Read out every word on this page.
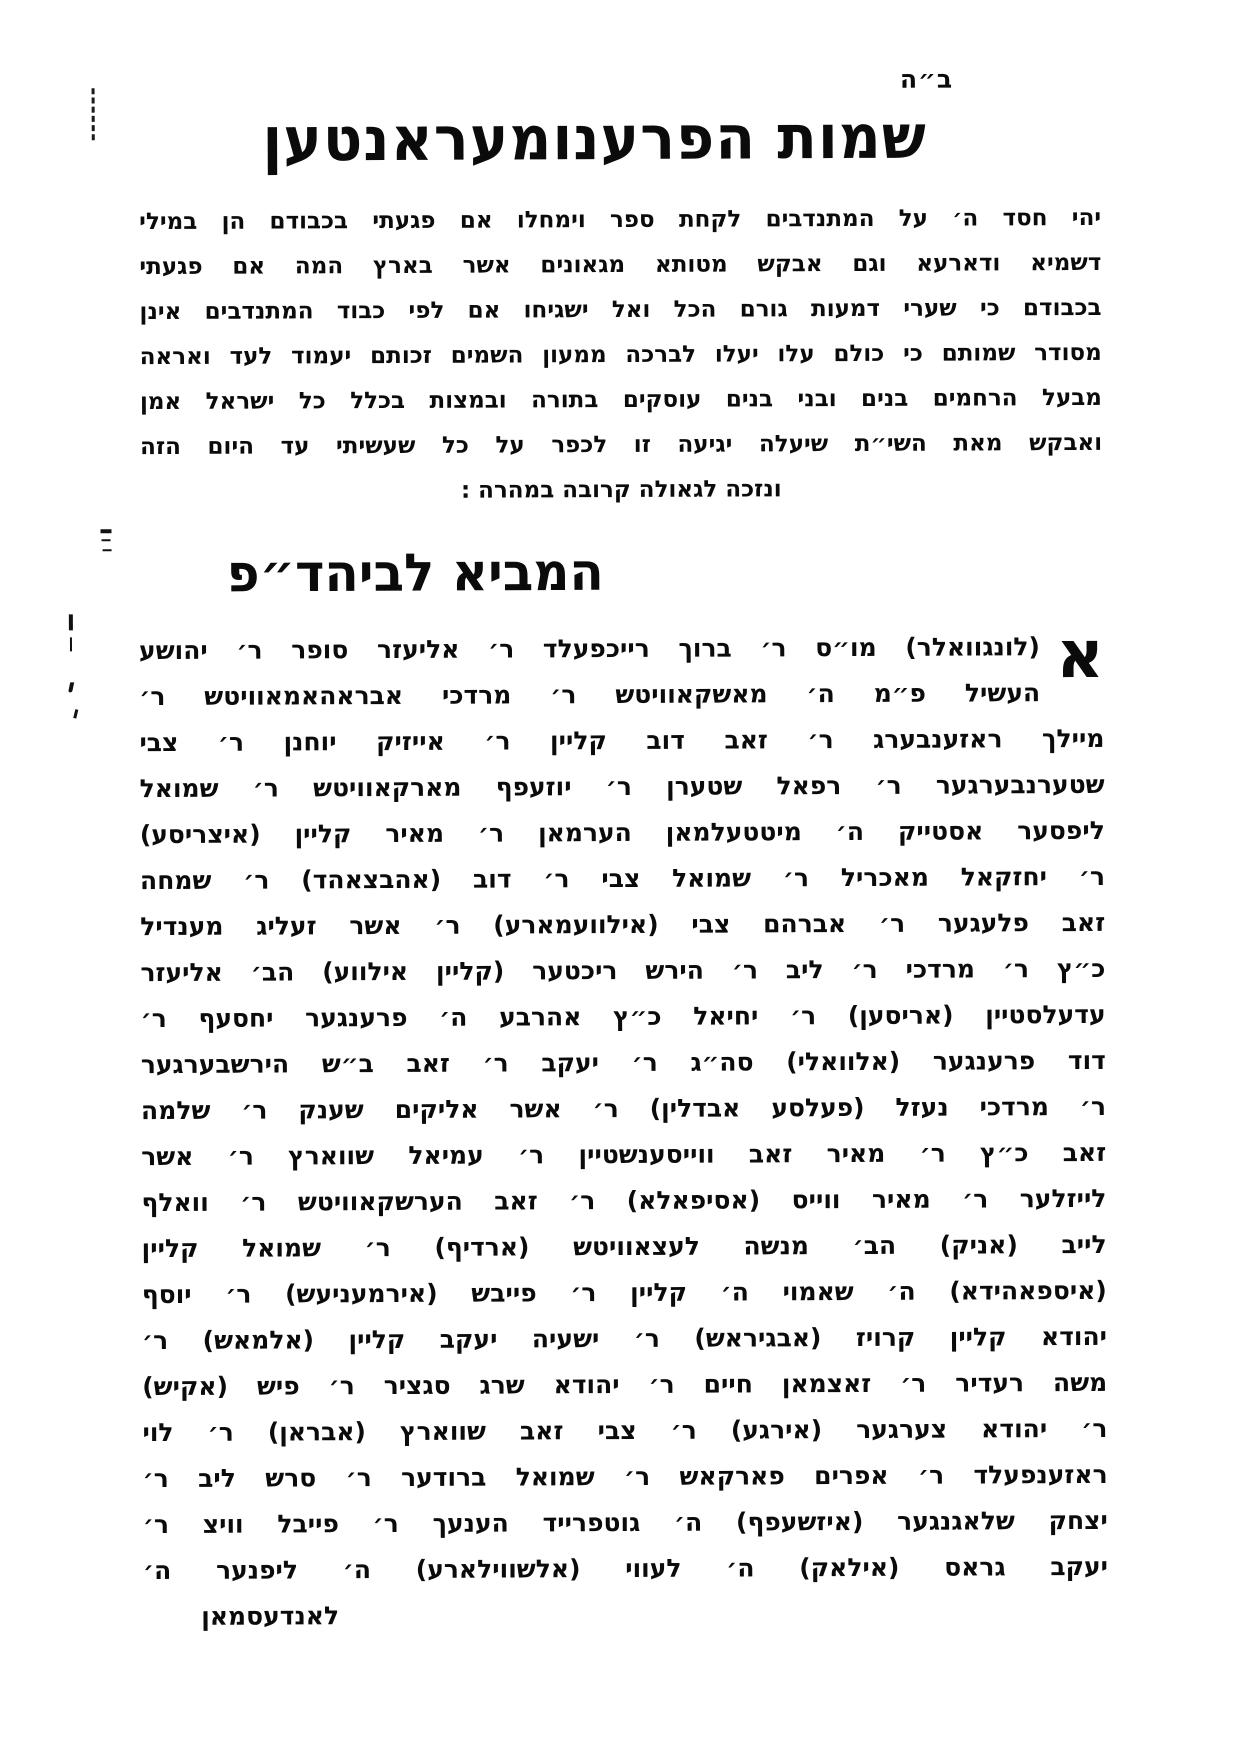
ב״ה
שמות הפרענומעראנטען
יהי חסד ה׳ על המתנדבים לקחת ספר וימחלו אם פגעתי בכבודם הן במילי
דשמיא ודארעא וגם אבקש מטותא מגאונים אשר בארץ המה אם פגעתי
בכבודם כי שערי דמעות גורם הכל ואל ישגיחו אם לפי כבוד המתנדבים אינן
מסודר שמותם כי כולם עלו יעלו לברכה ממעון השמים זכותם יעמוד לעד ואראה
מבעל הרחמים בנים ובני בנים עוסקים בתורה ובמצות בכלל כל ישראל אמן
ואבקש מאת השי״ת שיעלה יגיעה זו לכפר על כל שעשיתי עד היום הזה
ונזכה לגאולה קרובה במהרה :
המביא לביהד״פ
א
(לונגוואלר) מו״ס ר׳ ברוך רייכפעלד ר׳ אליעזר סופר ר׳ יהושע
העשיל פ״מ ה׳ מאשקאוויטש ר׳ מרדכי אבראהאמאוויטש ר׳
מיילך ראזענבערג ר׳ זאב דוב קליין ר׳ אייזיק יוחנן ר׳ צבי
שטערנבערגער ר׳ רפאל שטערן ר׳ יוזעפף מארקאוויטש ר׳ שמואל
ליפסער אסטייק ה׳ מיטטעלמאן הערמאן ר׳ מאיר קליין (איצריסע)
ר׳ יחזקאל מאכריל ר׳ שמואל צבי ר׳ דוב (אהבצאהד) ר׳ שמחה
זאב פלעגער ר׳ אברהם צבי (אילוועמארע) ר׳ אשר זעליג מענדיל
כ״ץ ר׳ מרדכי ר׳ ליב ר׳ הירש ריכטער (קליין אילווע) הב׳ אליעזר
עדעלסטיין (אריסען) ר׳ יחיאל כ״ץ אהרבע ה׳ פרענגער יחסעף ר׳
דוד פרענגער (אלוואלי) סה״ג ר׳ יעקב ר׳ זאב ב״ש הירשבערגער
ר׳ מרדכי נעזל (פעלסע אבדלין) ר׳ אשר אליקים שענק ר׳ שלמה
זאב כ״ץ ר׳ מאיר זאב ווייסענשטיין ר׳ עמיאל שווארץ ר׳ אשר
לייזלער ר׳ מאיר ווייס (אסיפאלא) ר׳ זאב הערשקאוויטש ר׳ וואלף
לייב (אניק) הב׳ מנשה לעצאוויטש (ארדיף) ר׳ שמואל קליין
(איספאהידא) ה׳ שאמוי ה׳ קליין ר׳ פייבש (אירמעניעש) ר׳ יוסף
יהודא קליין קרויז (אבגיראש) ר׳ ישעיה יעקב קליין (אלמאש) ר׳
משה רעדיר ר׳ זאצמאן חיים ר׳ יהודא שרג סגציר ר׳ פיש (אקיש)
ר׳ יהודא צערגער (אירגע) ר׳ צבי זאב שווארץ (אבראן) ר׳ לוי
ראזענפעלד ר׳ אפרים פארקאש ר׳ שמואל ברודער ר׳ סרש ליב ר׳
יצחק שלאגנגער (איזשעפף) ה׳ גוטפרייד הענעך ר׳ פייבל וויצ ר׳
יעקב גראס (אילאק) ה׳ לעווי (אלשווילארע) ה׳ ליפנער ה׳
לאנדעסמאן
